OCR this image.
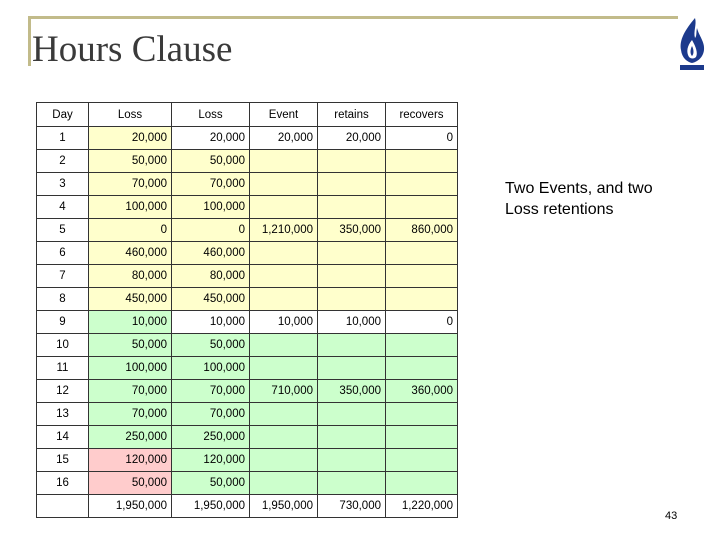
Hours Clause
Day	Loss	Loss	Event	retains	recovers
1	20,000	20,000	20,000	20,000	0
2	50,000	50,000			
3	70,000	70,000			
4	100,000	100,000			
5	0	0	1,210,000	350,000	860,000
6	460,000	460,000			
7	80,000	80,000			
8	450,000	450,000			
9	10,000	10,000	10,000	10,000	0
10	50,000	50,000			
11	100,000	100,000			
12	70,000	70,000	710,000	350,000	360,000
13	70,000	70,000			
14	250,000	250,000			
15	120,000	120,000			
16	50,000	50,000			
	1,950,000	1,950,000	1,950,000	730,000	1,220,000
Two Events, and two
Loss retentions
43
